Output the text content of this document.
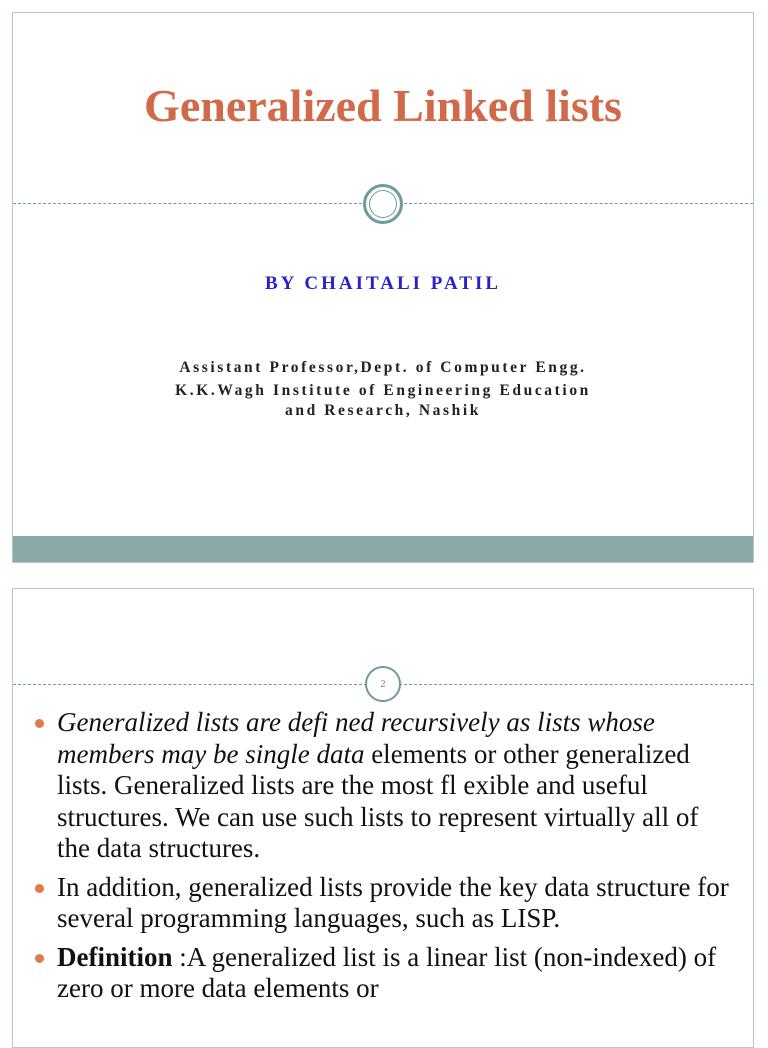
Generalized Linked lists
BY CHAITALI PATIL
Assistant Professor,Dept. of Computer Engg.
K.K.Wagh Institute of Engineering Education
and Research, Nashik
2
Generalized lists are defi ned recursively as lists whose members may be single data elements or other generalized lists. Generalized lists are the most fl exible and useful structures. We can use such lists to represent virtually all of the data structures.
In addition, generalized lists provide the key data structure for several programming languages, such as LISP.
Definition :A generalized list is a linear list (non-indexed) of zero or more data elements or
